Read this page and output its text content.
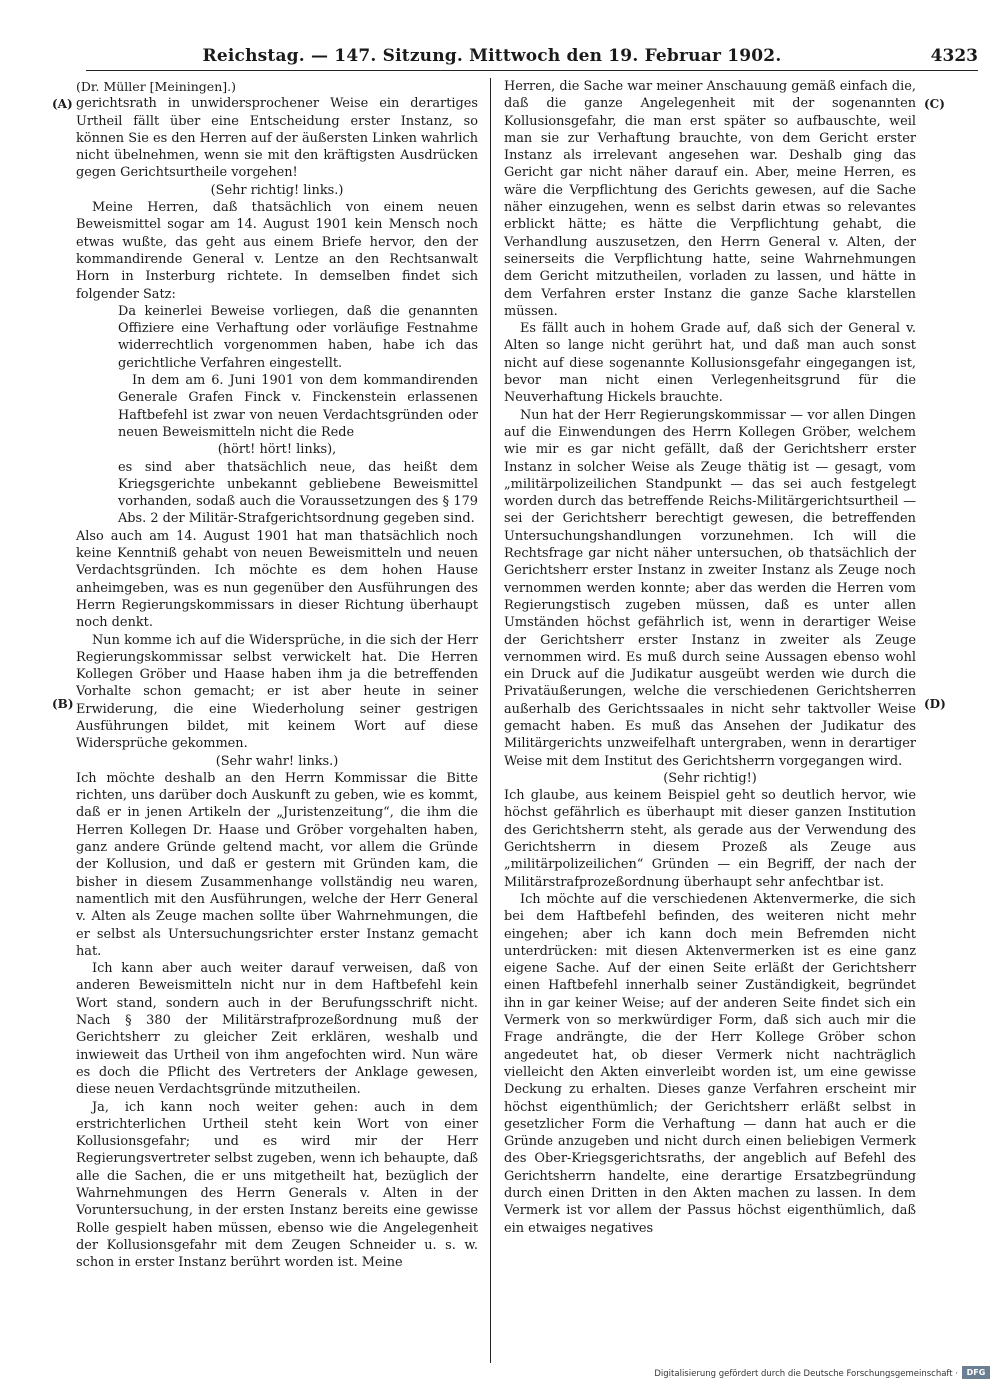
Reichstag. — 147. Sitzung. Mittwoch den 19. Februar 1902.	4323
(A)
(B)
(C)
(D)

(Dr. Müller [Meiningen].)

gerichtsrath in unwidersprochener Weise ein derartiges Urtheil fällt über eine Entscheidung erster Instanz, so können Sie es den Herren auf der äußersten Linken wahrlich nicht übelnehmen, wenn sie mit den kräftigsten Ausdrücken gegen Gerichtsurtheile vorgehen!

(Sehr richtig! links.)

Meine Herren, daß thatsächlich von einem neuen Beweismittel sogar am 14. August 1901 kein Mensch noch etwas wußte, das geht aus einem Briefe hervor, den der kommandirende General v. Lentze an den Rechtsanwalt Horn in Insterburg richtete. In demselben findet sich folgender Satz:

Da keinerlei Beweise vorliegen, daß die genannten Offiziere eine Verhaftung oder vorläufige Festnahme widerrechtlich vorgenommen haben, habe ich das gerichtliche Verfahren eingestellt.

In dem am 6. Juni 1901 von dem kommandirenden Generale Grafen Finck v. Finckenstein erlassenen Haftbefehl ist zwar von neuen Verdachtsgründen oder neuen Beweismitteln nicht die Rede

(hört! hört! links),

es sind aber thatsächlich neue, das heißt dem Kriegsgerichte unbekannt gebliebene Beweismittel vorhanden, sodaß auch die Voraussetzungen des § 179 Abs. 2 der Militär-Strafgerichtsordnung gegeben sind.

Also auch am 14. August 1901 hat man thatsächlich noch keine Kenntniß gehabt von neuen Beweismitteln und neuen Verdachtsgründen. Ich möchte es dem hohen Hause anheimgeben, was es nun gegenüber den Ausführungen des Herrn Regierungskommissars in dieser Richtung überhaupt noch denkt.

Nun komme ich auf die Widersprüche, in die sich der Herr Regierungskommissar selbst verwickelt hat. Die Herren Kollegen Gröber und Haase haben ihm ja die betreffenden Vorhalte schon gemacht; er ist aber heute in seiner Erwiderung, die eine Wiederholung seiner gestrigen Ausführungen bildet, mit keinem Wort auf diese Widersprüche gekommen.

(Sehr wahr! links.)

Ich möchte deshalb an den Herrn Kommissar die Bitte richten, uns darüber doch Auskunft zu geben, wie es kommt, daß er in jenen Artikeln der „Juristenzeitung“, die ihm die Herren Kollegen Dr. Haase und Gröber vorgehalten haben, ganz andere Gründe geltend macht, vor allem die Gründe der Kollusion, und daß er gestern mit Gründen kam, die bisher in diesem Zusammenhange vollständig neu waren, namentlich mit den Ausführungen, welche der Herr General v. Alten als Zeuge machen sollte über Wahrnehmungen, die er selbst als Untersuchungsrichter erster Instanz gemacht hat.

Ich kann aber auch weiter darauf verweisen, daß von anderen Beweismitteln nicht nur in dem Haftbefehl kein Wort stand, sondern auch in der Berufungsschrift nicht. Nach § 380 der Militärstrafprozeßordnung muß der Gerichtsherr zu gleicher Zeit erklären, weshalb und inwieweit das Urtheil von ihm angefochten wird. Nun wäre es doch die Pflicht des Vertreters der Anklage gewesen, diese neuen Verdachtsgründe mitzutheilen.

Ja, ich kann noch weiter gehen: auch in dem erstrichterlichen Urtheil steht kein Wort von einer Kollusionsgefahr; und es wird mir der Herr Regierungsvertreter selbst zugeben, wenn ich behaupte, daß alle die Sachen, die er uns mitgetheilt hat, bezüglich der Wahrnehmungen des Herrn Generals v. Alten in der Voruntersuchung, in der ersten Instanz bereits eine gewisse Rolle gespielt haben müssen, ebenso wie die Angelegenheit der Kollusionsgefahr mit dem Zeugen Schneider u. s. w. schon in erster Instanz berührt worden ist. Meine

Herren, die Sache war meiner Anschauung gemäß einfach die, daß die ganze Angelegenheit mit der sogenannten Kollusionsgefahr, die man erst später so aufbauschte, weil man sie zur Verhaftung brauchte, von dem Gericht erster Instanz als irrelevant angesehen war. Deshalb ging das Gericht gar nicht näher darauf ein. Aber, meine Herren, es wäre die Verpflichtung des Gerichts gewesen, auf die Sache näher einzugehen, wenn es selbst darin etwas so relevantes erblickt hätte; es hätte die Verpflichtung gehabt, die Verhandlung auszusetzen, den Herrn General v. Alten, der seinerseits die Verpflichtung hatte, seine Wahrnehmungen dem Gericht mitzutheilen, vorladen zu lassen, und hätte in dem Verfahren erster Instanz die ganze Sache klarstellen müssen.

Es fällt auch in hohem Grade auf, daß sich der General v. Alten so lange nicht gerührt hat, und daß man auch sonst nicht auf diese sogenannte Kollusionsgefahr eingegangen ist, bevor man nicht einen Verlegenheitsgrund für die Neuverhaftung Hickels brauchte.

Nun hat der Herr Regierungskommissar — vor allen Dingen auf die Einwendungen des Herrn Kollegen Gröber, welchem wie mir es gar nicht gefällt, daß der Gerichtsherr erster Instanz in solcher Weise als Zeuge thätig ist — gesagt, vom „militärpolizeilichen Standpunkt — das sei auch festgelegt worden durch das betreffende Reichs-Militärgerichtsurtheil — sei der Gerichtsherr berechtigt gewesen, die betreffenden Untersuchungshandlungen vorzunehmen. Ich will die Rechtsfrage gar nicht näher untersuchen, ob thatsächlich der Gerichtsherr erster Instanz in zweiter Instanz als Zeuge noch vernommen werden konnte; aber das werden die Herren vom Regierungstisch zugeben müssen, daß es unter allen Umständen höchst gefährlich ist, wenn in derartiger Weise der Gerichtsherr erster Instanz in zweiter als Zeuge vernommen wird. Es muß durch seine Aussagen ebenso wohl ein Druck auf die Judikatur ausgeübt werden wie durch die Privatäußerungen, welche die verschiedenen Gerichtsherren außerhalb des Gerichtssaales in nicht sehr taktvoller Weise gemacht haben. Es muß das Ansehen der Judikatur des Militärgerichts unzweifelhaft untergraben, wenn in derartiger Weise mit dem Institut des Gerichtsherrn vorgegangen wird.

(Sehr richtig!)

Ich glaube, aus keinem Beispiel geht so deutlich hervor, wie höchst gefährlich es überhaupt mit dieser ganzen Institution des Gerichtsherrn steht, als gerade aus der Verwendung des Gerichtsherrn in diesem Prozeß als Zeuge aus „militärpolizeilichen“ Gründen — ein Begriff, der nach der Militärstrafprozeßordnung überhaupt sehr anfechtbar ist.

Ich möchte auf die verschiedenen Aktenvermerke, die sich bei dem Haftbefehl befinden, des weiteren nicht mehr eingehen; aber ich kann doch mein Befremden nicht unterdrücken: mit diesen Aktenvermerken ist es eine ganz eigene Sache. Auf der einen Seite erläßt der Gerichtsherr einen Haftbefehl innerhalb seiner Zuständigkeit, begründet ihn in gar keiner Weise; auf der anderen Seite findet sich ein Vermerk von so merkwürdiger Form, daß sich auch mir die Frage andrängte, die der Herr Kollege Gröber schon angedeutet hat, ob dieser Vermerk nicht nachträglich vielleicht den Akten einverleibt worden ist, um eine gewisse Deckung zu erhalten. Dieses ganze Verfahren erscheint mir höchst eigenthümlich; der Gerichtsherr erläßt selbst in gesetzlicher Form die Verhaftung — dann hat auch er die Gründe anzugeben und nicht durch einen beliebigen Vermerk des Ober-Kriegsgerichtsraths, der angeblich auf Befehl des Gerichtsherrn handelte, eine derartige Ersatzbegründung durch einen Dritten in den Akten machen zu lassen. In dem Vermerk ist vor allem der Passus höchst eigenthümlich, daß ein etwaiges negatives

Digitalisierung gefördert durch die Deutsche Forschungsgemeinschaft ·	DFG
